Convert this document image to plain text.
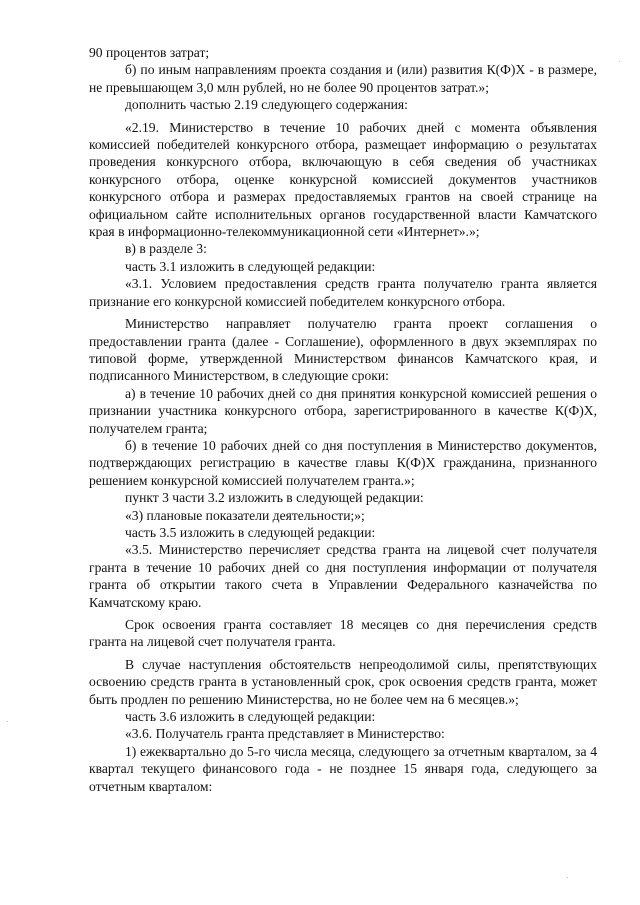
90 процентов затрат;

б) по иным направлениям проекта создания и (или) развития К(Ф)Х - в размере, не превышающем 3,0 млн рублей, но не более 90 процентов затрат.»;

дополнить частью 2.19 следующего содержания:

«2.19. Министерство в течение 10 рабочих дней с момента объявления комиссией победителей конкурсного отбора, размещает информацию о результатах проведения конкурсного отбора, включающую в себя сведения об участниках конкурсного отбора, оценке конкурсной комиссией документов участников конкурсного отбора и размерах предоставляемых грантов на своей странице на официальном сайте исполнительных органов государственной власти Камчатского края в информационно-телекоммуникационной сети «Интернет».»;

в) в разделе 3:

часть 3.1 изложить в следующей редакции:

«3.1. Условием предоставления средств гранта получателю гранта является признание его конкурсной комиссией победителем конкурсного отбора.

Министерство направляет получателю гранта проект соглашения о предоставлении гранта (далее - Соглашение), оформленного в двух экземплярах по типовой форме, утвержденной Министерством финансов Камчатского края, и подписанного Министерством, в следующие сроки:

а) в течение 10 рабочих дней со дня принятия конкурсной комиссией решения о признании участника конкурсного отбора, зарегистрированного в качестве К(Ф)Х, получателем гранта;

б) в течение 10 рабочих дней со дня поступления в Министерство документов, подтверждающих регистрацию в качестве главы К(Ф)Х гражданина, признанного решением конкурсной комиссией получателем гранта.»;

пункт 3 части 3.2 изложить в следующей редакции:

«3) плановые показатели деятельности;»;

часть 3.5 изложить в следующей редакции:

«3.5. Министерство перечисляет средства гранта на лицевой счет получателя гранта в течение 10 рабочих дней со дня поступления информации от получателя гранта об открытии такого счета в Управлении Федерального казначейства по Камчатскому краю.

Срок освоения гранта составляет 18 месяцев со дня перечисления средств гранта на лицевой счет получателя гранта.

В случае наступления обстоятельств непреодолимой силы, препятствующих освоению средств гранта в установленный срок, срок освоения средств гранта, может быть продлен по решению Министерства, но не более чем на 6 месяцев.»;

часть 3.6 изложить в следующей редакции:

«3.6. Получатель гранта представляет в Министерство:

1) ежеквартально до 5-го числа месяца, следующего за отчетным кварталом, за 4 квартал текущего финансового года - не позднее 15 января года, следующего за отчетным кварталом:

·
·
·
